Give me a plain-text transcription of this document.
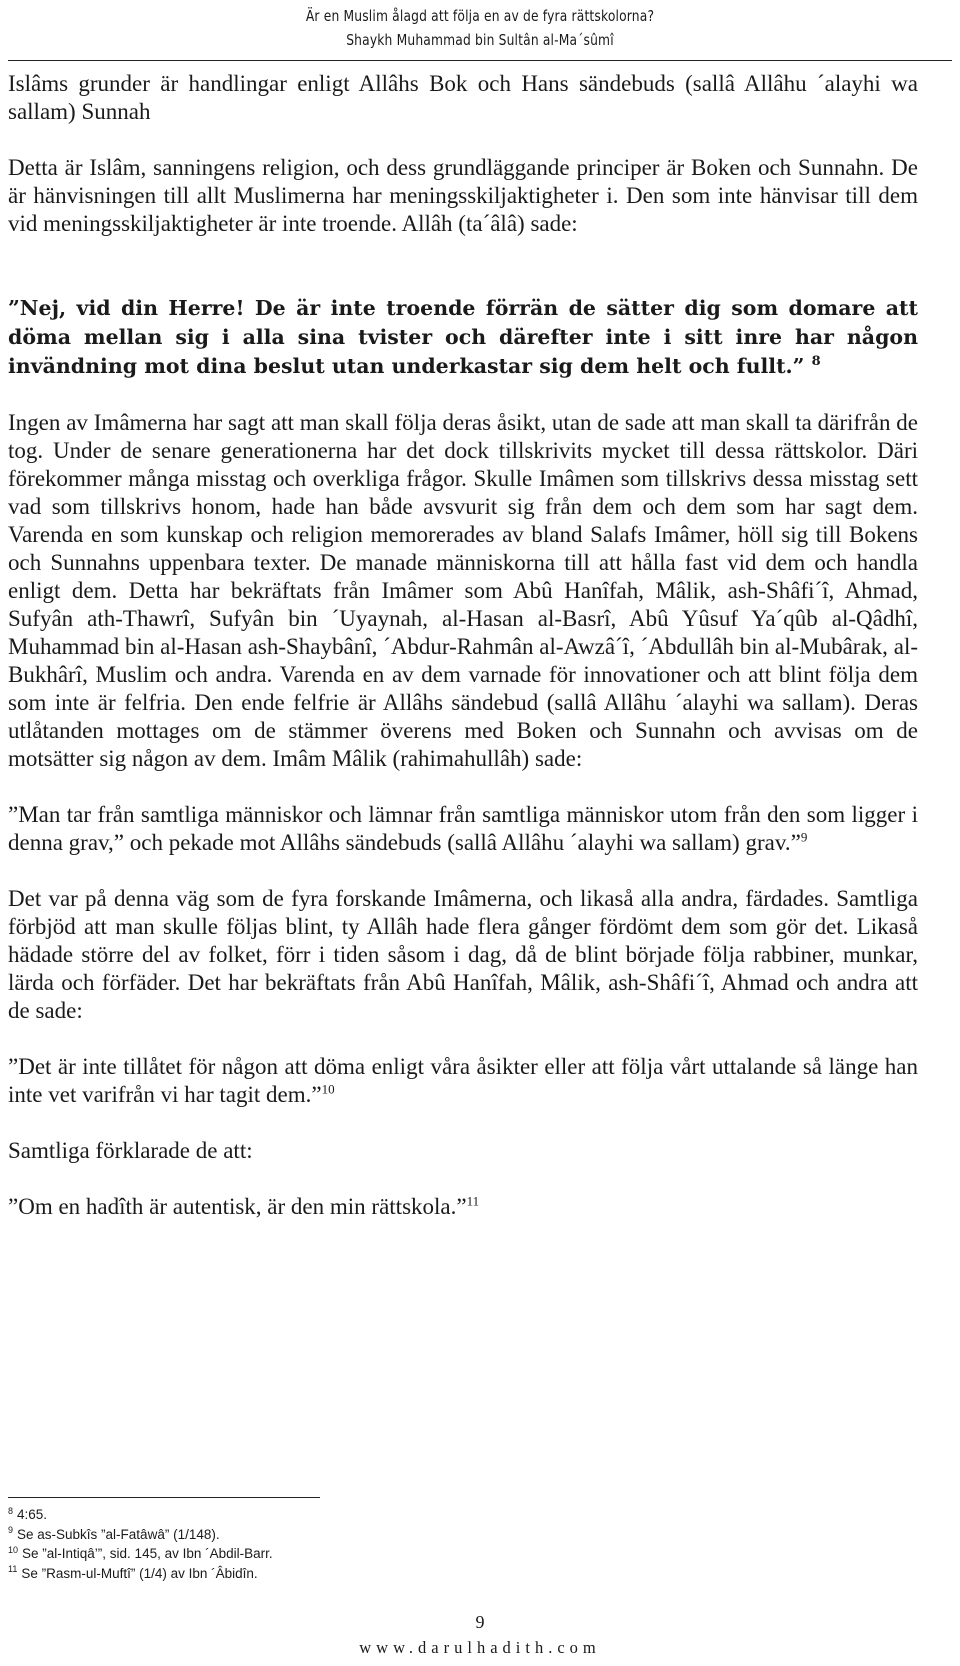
Är en Muslim ålagd att följa en av de fyra rättskolorna?
Shaykh Muhammad bin Sultân al-Ma´sûmî

Islâms grunder är handlingar enligt Allâhs Bok och Hans sändebuds (sallâ Allâhu ´alayhi wa sallam) Sunnah

Detta är Islâm, sanningens religion, och dess grundläggande principer är Boken och Sunnahn. De är hänvisningen till allt Muslimerna har meningsskiljaktigheter i. Den som inte hänvisar till dem vid meningsskiljaktigheter är inte troende. Allâh (ta´âlâ) sade:

”Nej, vid din Herre! De är inte troende förrän de sätter dig som domare att döma mellan sig i alla sina tvister och därefter inte i sitt inre har någon invändning mot dina beslut utan underkastar sig dem helt och fullt.” $^8$

Ingen av Imâmerna har sagt att man skall följa deras åsikt, utan de sade att man skall ta därifrån de tog. Under de senare generationerna har det dock tillskrivits mycket till dessa rättskolor. Däri förekommer många misstag och overkliga frågor. Skulle Imâmen som tillskrivs dessa misstag sett vad som tillskrivs honom, hade han både avsvurit sig från dem och dem som har sagt dem. Varenda en som kunskap och religion memorerades av bland Salafs Imâmer, höll sig till Bokens och Sunnahns uppenbara texter. De manade människorna till att hålla fast vid dem och handla enligt dem. Detta har bekräftats från Imâmer som Abû Hanîfah, Mâlik, ash-Shâfi´î, Ahmad, Sufyân ath-Thawrî, Sufyân bin ´Uyaynah, al-Hasan al-Basrî, Abû Yûsuf Ya´qûb al-Qâdhî, Muhammad bin al-Hasan ash-Shaybânî, ´Abdur-Rahmân al-Awzâ´î, ´Abdullâh bin al-Mubârak, al-Bukhârî, Muslim och andra. Varenda en av dem varnade för innovationer och att blint följa dem som inte är felfria. Den ende felfrie är Allâhs sändebud (sallâ Allâhu ´alayhi wa sallam). Deras utlåtanden mottages om de stämmer överens med Boken och Sunnahn och avvisas om de motsätter sig någon av dem. Imâm Mâlik (rahimahullâh) sade:

”Man tar från samtliga människor och lämnar från samtliga människor utom från den som ligger i denna grav,” och pekade mot Allâhs sändebuds (sallâ Allâhu ´alayhi wa sallam) grav.”$^9$

Det var på denna väg som de fyra forskande Imâmerna, och likaså alla andra, färdades. Samtliga förbjöd att man skulle följas blint, ty Allâh hade flera gånger fördömt dem som gör det. Likaså hädade större del av folket, förr i tiden såsom i dag, då de blint började följa rabbiner, munkar, lärda och förfäder. Det har bekräftats från Abû Hanîfah, Mâlik, ash-Shâfi´î, Ahmad och andra att de sade:

”Det är inte tillåtet för någon att döma enligt våra åsikter eller att följa vårt uttalande så länge han inte vet varifrån vi har tagit dem.”$^{10}$

Samtliga förklarade de att:

”Om en hadîth är autentisk, är den min rättskola.”$^{11}$

$^8$ 4:65.

$^9$ Se as-Subkîs ”al-Fatâwâ” (1/148).

$^{10}$ Se ”al-Intiqâ’”, sid. 145, av Ibn ´Abdil-Barr.

$^{11}$ Se ”Rasm-ul-Muftî” (1/4) av Ibn ´Âbidîn.

9
www.darulhadith.com
